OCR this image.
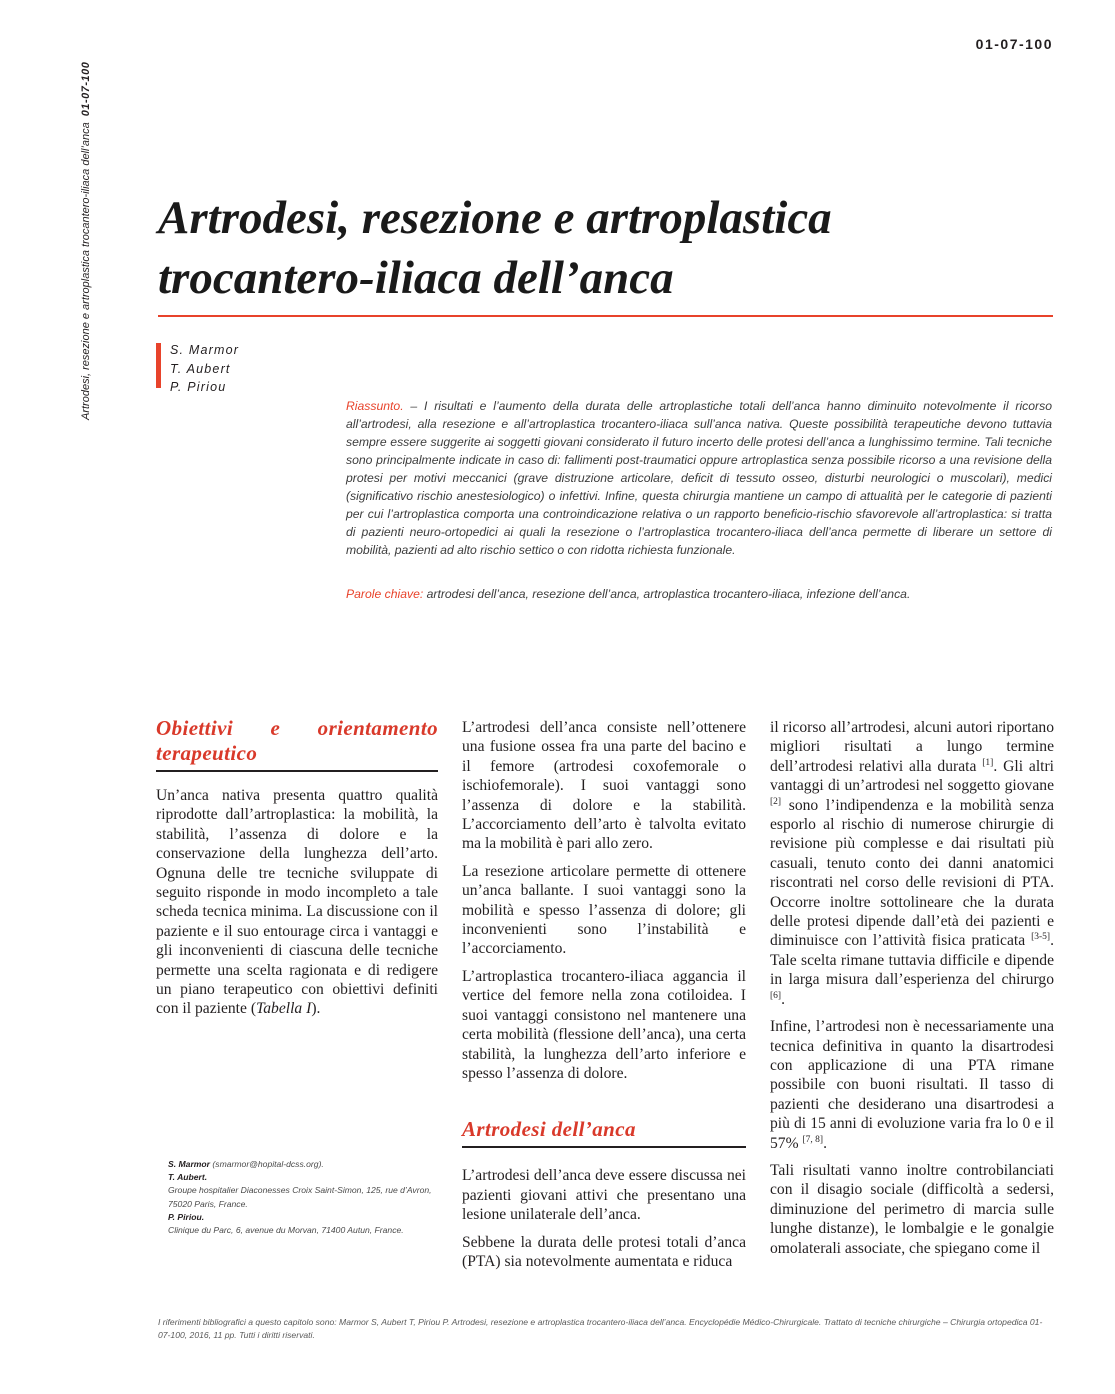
01-07-100
Artrodesi, resezione e artroplastica trocantero-iliaca dell’anca01-07-100
Artrodesi, resezione e artroplastica
trocantero-iliaca dell’anca
S. Marmor
T. Aubert
P. Piriou
Riassunto. – I risultati e l’aumento della durata delle artroplastiche totali dell’anca hanno diminuito notevolmente il ricorso all’artrodesi, alla resezione e all’artroplastica trocantero-iliaca sull’anca nativa. Queste possibilità terapeutiche devono tuttavia sempre essere suggerite ai soggetti giovani considerato il futuro incerto delle protesi dell’anca a lunghissimo termine. Tali tecniche sono principalmente indicate in caso di: fallimenti post-traumatici oppure artroplastica senza possibile ricorso a una revisione della protesi per motivi meccanici (grave distruzione articolare, deficit di tessuto osseo, disturbi neurologici o muscolari), medici (significativo rischio anestesiologico) o infettivi. Infine, questa chirurgia mantiene un campo di attualità per le categorie di pazienti per cui l’artroplastica comporta una controindicazione relativa o un rapporto beneficio-rischio sfavorevole all’artroplastica: si tratta di pazienti neuro-ortopedici ai quali la resezione o l’artroplastica trocantero-iliaca dell’anca permette di liberare un settore di mobilità, pazienti ad alto rischio settico o con ridotta richiesta funzionale.
Parole chiave: artrodesi dell’anca, resezione dell’anca, artroplastica trocantero-iliaca, infezione dell’anca.
Obiettivi e orientamento terapeutico

Un’anca nativa presenta quattro qualità riprodotte dall’artroplastica: la mobilità, la stabilità, l’assenza di dolore e la conservazione della lunghezza dell’arto. Ognuna delle tre tecniche sviluppate di seguito risponde in modo incompleto a tale scheda tecnica minima. La discussione con il paziente e il suo entourage circa i vantaggi e gli inconvenienti di ciascuna delle tecniche permette una scelta ragionata e di redigere un piano terapeutico con obiettivi definiti con il paziente (Tabella I).

L’artrodesi dell’anca consiste nell’ottenere una fusione ossea fra una parte del bacino e il femore (artrodesi coxofemorale o ischiofemorale). I suoi vantaggi sono l’assenza di dolore e la stabilità. L’accorciamento dell’arto è talvolta evitato ma la mobilità è pari allo zero.

La resezione articolare permette di ottenere un’anca ballante. I suoi vantaggi sono la mobilità e spesso l’assenza di dolore; gli inconvenienti sono l’instabilità e l’accorciamento.

L’artroplastica trocantero-iliaca aggancia il vertice del femore nella zona cotiloidea. I suoi vantaggi consistono nel mantenere una certa mobilità (flessione dell’anca), una certa stabilità, la lunghezza dell’arto inferiore e spesso l’assenza di dolore.

Artrodesi dell’anca

L’artrodesi dell’anca deve essere discussa nei pazienti giovani attivi che presentano una lesione unilaterale dell’anca.

Sebbene la durata delle protesi totali d’anca (PTA) sia notevolmente aumentata e riduca

il ricorso all’artrodesi, alcuni autori riportano migliori risultati a lungo termine dell’artrodesi relativi alla durata [1]. Gli altri vantaggi di un’artrodesi nel soggetto giovane [2] sono l’indipendenza e la mobilità senza esporlo al rischio di numerose chirurgie di revisione più complesse e dai risultati più casuali, tenuto conto dei danni anatomici riscontrati nel corso delle revisioni di PTA. Occorre inoltre sottolineare che la durata delle protesi dipende dall’età dei pazienti e diminuisce con l’attività fisica praticata [3-5]. Tale scelta rimane tuttavia difficile e dipende in larga misura dall’esperienza del chirurgo [6].

Infine, l’artrodesi non è necessariamente una tecnica definitiva in quanto la disartrodesi con applicazione di una PTA rimane possibile con buoni risultati. Il tasso di pazienti che desiderano una disartrodesi a più di 15 anni di evoluzione varia fra lo 0 e il 57% [7, 8].

Tali risultati vanno inoltre controbilanciati con il disagio sociale (difficoltà a sedersi, diminuzione del perimetro di marcia sulle lunghe distanze), le lombalgie e le gonalgie omolaterali associate, che spiegano come il

S. Marmor (smarmor@hopital-dcss.org).
T. Aubert.
Groupe hospitalier Diaconesses Croix Saint-Simon, 125, rue d’Avron, 75020 Paris, France.
P. Piriou.
Clinique du Parc, 6, avenue du Morvan, 71400 Autun, France.
I riferimenti bibliografici a questo capitolo sono: Marmor S, Aubert T, Piriou P. Artrodesi, resezione e artroplastica trocantero-iliaca dell’anca. Encyclopédie Médico-Chirurgicale. Trattato di tecniche chirurgiche – Chirurgia ortopedica 01-07-100, 2016, 11 pp. Tutti i diritti riservati.
